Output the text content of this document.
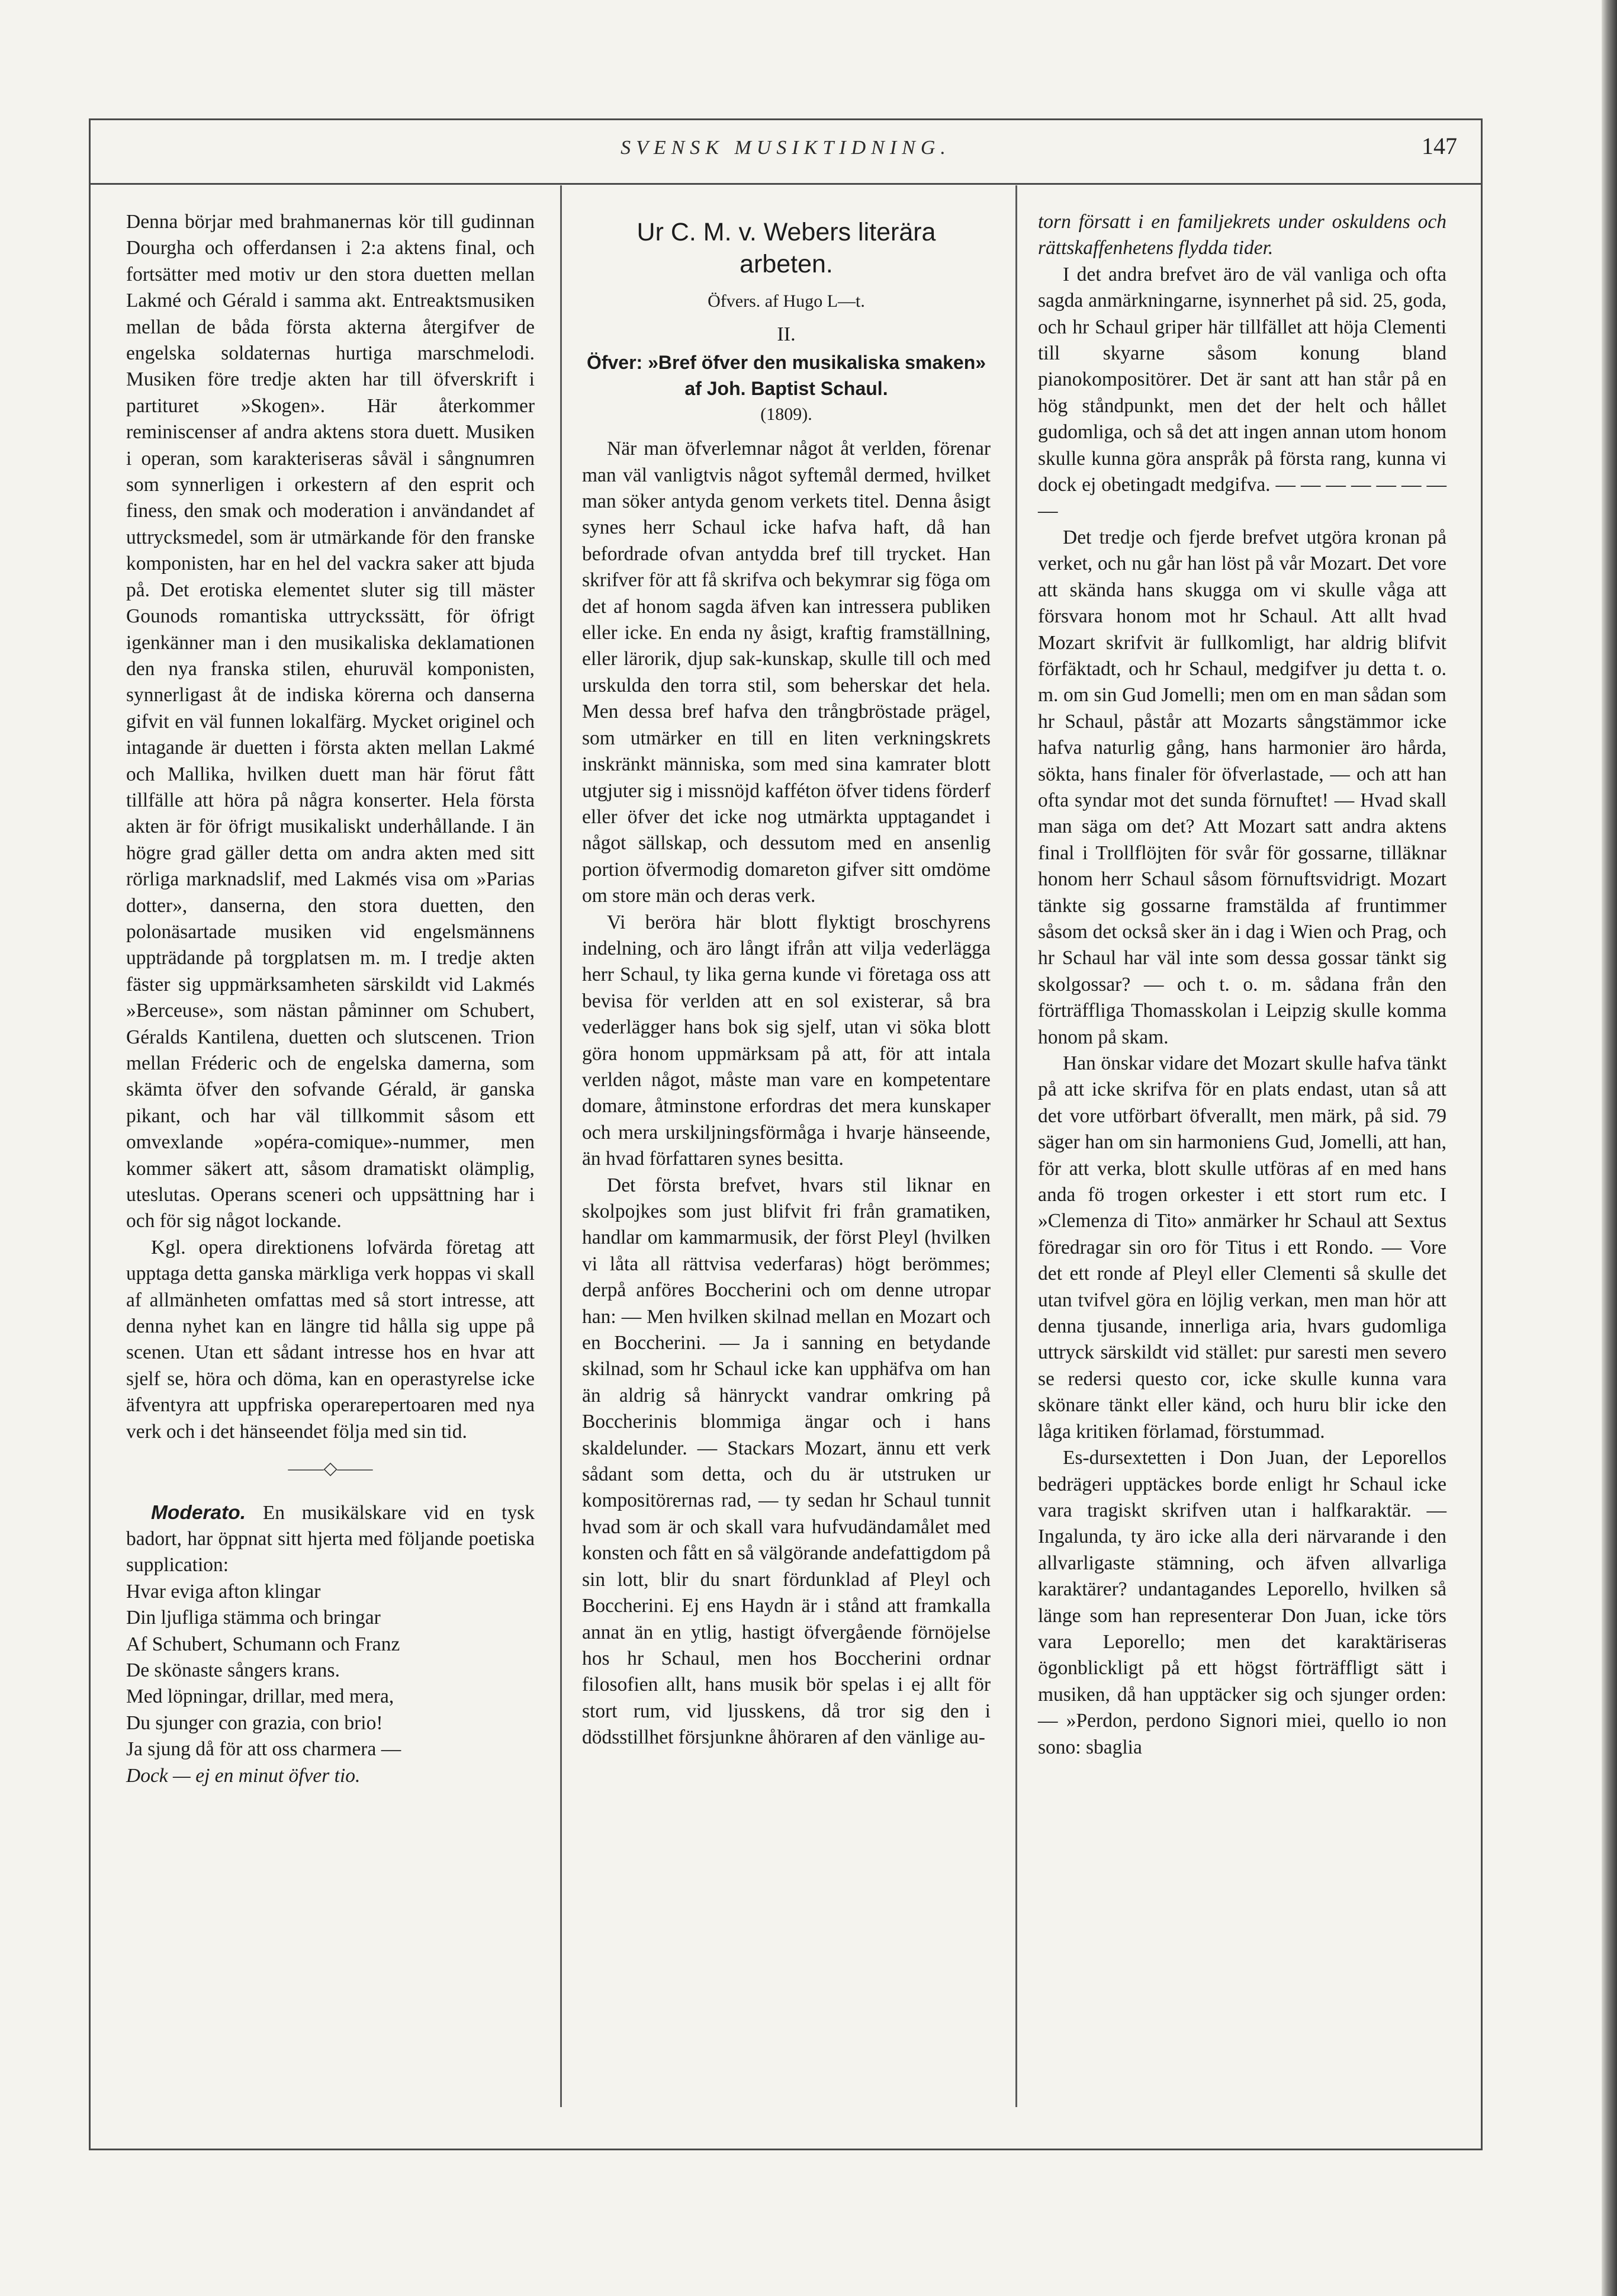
SVENSK MUSIKTIDNING.	147

Denna börjar med brahmanernas kör till gudinnan Dourgha och offerdansen i 2:a aktens final, och fortsätter med motiv ur den stora duetten mellan Lakmé och Gérald i samma akt. Entreaktsmusiken mellan de båda första akterna återgifver de engelska soldaternas hurtiga marschmelodi. Musiken före tredje akten har till öfverskrift i partituret »Skogen». Här återkommer reminiscenser af andra aktens stora duett. Musiken i operan, som karakteriseras såväl i sångnumren som synnerligen i orkestern af den esprit och finess, den smak och moderation i användandet af uttrycksmedel, som är utmärkande för den franske komponisten, har en hel del vackra saker att bjuda på. Det erotiska elementet sluter sig till mäster Gounods romantiska uttryckssätt, för öfrigt igenkänner man i den musikaliska deklamationen den nya franska stilen, ehuruväl komponisten, synnerligast åt de indiska körerna och danserna gifvit en väl funnen lokalfärg. Mycket originel och intagande är duetten i första akten mellan Lakmé och Mallika, hvilken duett man här förut fått tillfälle att höra på några konserter. Hela första akten är för öfrigt musikaliskt underhållande. I än högre grad gäller detta om andra akten med sitt rörliga marknadslif, med Lakmés visa om »Parias dotter», danserna, den stora duetten, den polonäsartade musiken vid engelsmännens uppträdande på torgplatsen m. m. I tredje akten fäster sig uppmärksamheten särskildt vid Lakmés »Berceuse», som nästan påminner om Schubert, Géralds Kantilena, duetten och slutscenen. Trion mellan Fréderic och de engelska damerna, som skämta öfver den sofvande Gérald, är ganska pikant, och har väl tillkommit såsom ett omvexlande »opéra-comique»-nummer, men kommer säkert att, såsom dramatiskt olämplig, uteslutas. Operans sceneri och uppsättning har i och för sig något lockande.

Kgl. opera direktionens lofvärda företag att upptaga detta ganska märkliga verk hoppas vi skall af allmänheten omfattas med så stort intresse, att denna nyhet kan en längre tid hålla sig uppe på scenen. Utan ett sådant intresse hos en hvar att sjelf se, höra och döma, kan en operastyrelse icke äfventyra att uppfriska operarepertoaren med nya verk och i det hänseendet följa med sin tid.

——◇——

Moderato. En musikälskare vid en tysk badort, har öppnat sitt hjerta med följande poetiska supplication:

Hvar eviga afton klingar
Din ljufliga stämma och bringar
Af Schubert, Schumann och Franz
De skönaste sångers krans.
Med löpningar, drillar, med mera,
Du sjunger con grazia, con brio!
Ja sjung då för att oss charmera —
Dock — ej en minut öfver tio.
Ur C. M. v. Webers literära arbeten.
Öfvers. af Hugo L—t.
II.
Öfver: »Bref öfver den musikaliska smaken» af Joh. Baptist Schaul.
(1809).

När man öfverlemnar något åt verlden, förenar man väl vanligtvis något syftemål dermed, hvilket man söker antyda genom verkets titel. Denna åsigt synes herr Schaul icke hafva haft, då han befordrade ofvan antydda bref till trycket. Han skrifver för att få skrifva och bekymrar sig föga om det af honom sagda äfven kan intressera publiken eller icke. En enda ny åsigt, kraftig framställning, eller lärorik, djup sak-kunskap, skulle till och med urskulda den torra stil, som beherskar det hela. Men dessa bref hafva den trångbröstade prägel, som utmärker en till en liten verkningskrets inskränkt människa, som med sina kamrater blott utgjuter sig i missnöjd kafféton öfver tidens förderf eller öfver det icke nog utmärkta upptagandet i något sällskap, och dessutom med en ansenlig portion öfvermodig domareton gifver sitt omdöme om store män och deras verk.

Vi beröra här blott flyktigt broschyrens indelning, och äro långt ifrån att vilja vederlägga herr Schaul, ty lika gerna kunde vi företaga oss att bevisa för verlden att en sol existerar, så bra vederlägger hans bok sig sjelf, utan vi söka blott göra honom uppmärksam på att, för att intala verlden något, måste man vare en kompetentare domare, åtminstone erfordras det mera kunskaper och mera urskiljningsförmåga i hvarje hänseende, än hvad författaren synes besitta.

Det första brefvet, hvars stil liknar en skolpojkes som just blifvit fri från gramatiken, handlar om kammarmusik, der först Pleyl (hvilken vi låta all rättvisa vederfaras) högt berömmes; derpå anföres Boccherini och om denne utropar han: — Men hvilken skilnad mellan en Mozart och en Boccherini. — Ja i sanning en betydande skilnad, som hr Schaul icke kan upphäfva om han än aldrig så hänryckt vandrar omkring på Boccherinis blommiga ängar och i hans skaldelunder. — Stackars Mozart, ännu ett verk sådant som detta, och du är utstruken ur kompositörernas rad, — ty sedan hr Schaul tunnit hvad som är och skall vara hufvudändamålet med konsten och fått en så välgörande andefattigdom på sin lott, blir du snart fördunklad af Pleyl och Boccherini. Ej ens Haydn är i stånd att framkalla annat än en ytlig, hastigt öfvergående förnöjelse hos hr Schaul, men hos Boccherini ordnar filosofien allt, hans musik bör spelas i ej allt för stort rum, vid ljusskens, då tror sig den i dödsstillhet försjunkne åhöraren af den vänlige au-

torn försatt i en familjekrets under oskuldens och rättskaffenhetens flydda tider.

I det andra brefvet äro de väl vanliga och ofta sagda anmärkningarne, isynnerhet på sid. 25, goda, och hr Schaul griper här tillfället att höja Clementi till skyarne såsom konung bland pianokompositörer. Det är sant att han står på en hög ståndpunkt, men det der helt och hållet gudomliga, och så det att ingen annan utom honom skulle kunna göra anspråk på första rang, kunna vi dock ej obetingadt medgifva. — — — — — — — —

Det tredje och fjerde brefvet utgöra kronan på verket, och nu går han löst på vår Mozart. Det vore att skända hans skugga om vi skulle våga att försvara honom mot hr Schaul. Att allt hvad Mozart skrifvit är fullkomligt, har aldrig blifvit förfäktadt, och hr Schaul, medgifver ju detta t. o. m. om sin Gud Jomelli; men om en man sådan som hr Schaul, påstår att Mozarts sångstämmor icke hafva naturlig gång, hans harmonier äro hårda, sökta, hans finaler för öfverlastade, — och att han ofta syndar mot det sunda förnuftet! — Hvad skall man säga om det? Att Mozart satt andra aktens final i Trollflöjten för svår för gossarne, tilläknar honom herr Schaul såsom förnuftsvidrigt. Mozart tänkte sig gossarne framstälda af fruntimmer såsom det också sker än i dag i Wien och Prag, och hr Schaul har väl inte som dessa gossar tänkt sig skolgossar? — och t. o. m. sådana från den förträffliga Thomasskolan i Leipzig skulle komma honom på skam.

Han önskar vidare det Mozart skulle hafva tänkt på att icke skrifva för en plats endast, utan så att det vore utförbart öfverallt, men märk, på sid. 79 säger han om sin harmoniens Gud, Jomelli, att han, för att verka, blott skulle utföras af en med hans anda fö trogen orkester i ett stort rum etc. I »Clemenza di Tito» anmärker hr Schaul att Sextus föredragar sin oro för Titus i ett Rondo. — Vore det ett ronde af Pleyl eller Clementi så skulle det utan tvifvel göra en löjlig verkan, men man hör att denna tjusande, innerliga aria, hvars gudomliga uttryck särskildt vid stället: pur saresti men severo se redersi questo cor, icke skulle kunna vara skönare tänkt eller känd, och huru blir icke den låga kritiken förlamad, förstummad.

Es-dursextetten i Don Juan, der Leporellos bedrägeri upptäckes borde enligt hr Schaul icke vara tragiskt skrifven utan i halfkaraktär. — Ingalunda, ty äro icke alla deri närvarande i den allvarligaste stämning, och äfven allvarliga karaktärer? undantagandes Leporello, hvilken så länge som han representerar Don Juan, icke törs vara Leporello; men det karaktäriseras ögonblickligt på ett högst förträffligt sätt i musiken, då han upptäcker sig och sjunger orden: — »Perdon, perdono Signori miei, quello io non sono: sbaglia
